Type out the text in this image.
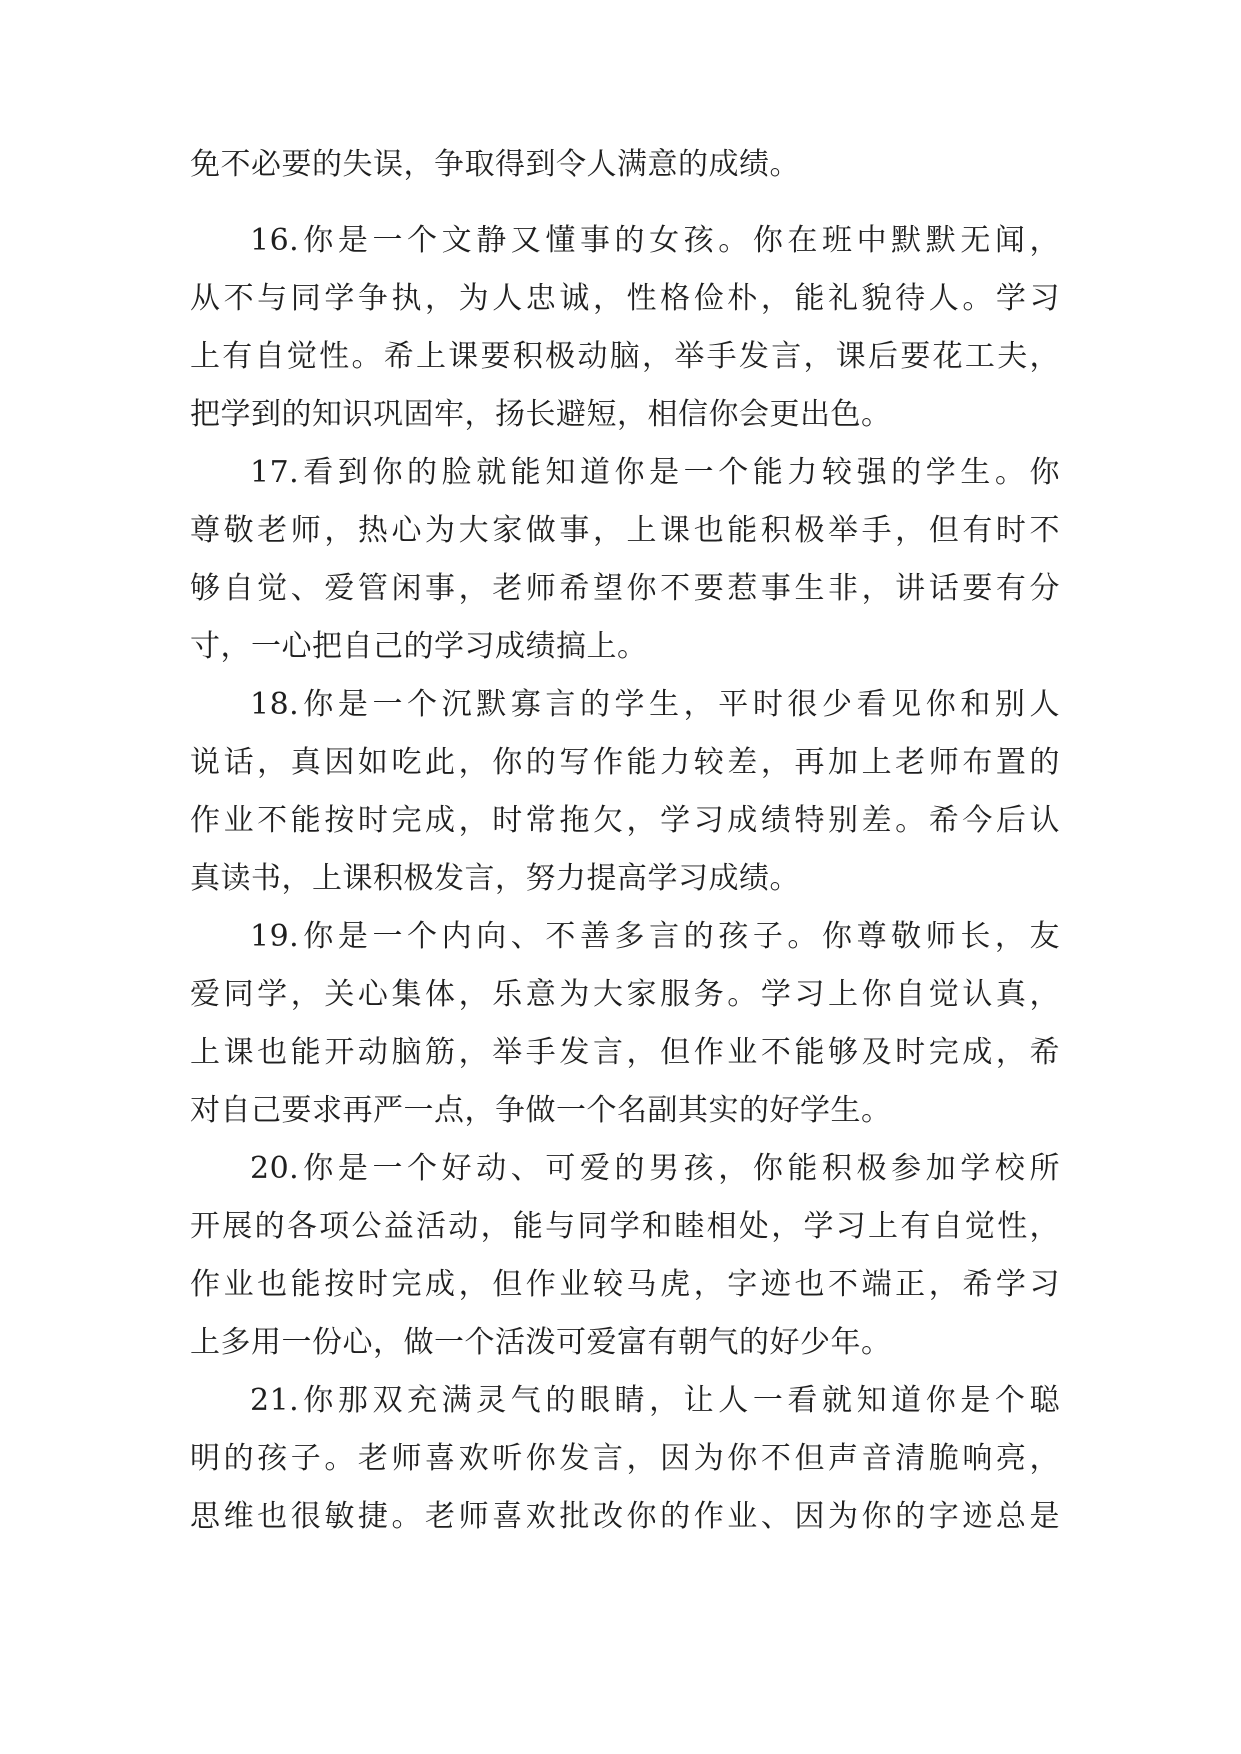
免不必要的失误，争取得到令人满意的成绩。
16.你是一个文静又懂事的女孩。你在班中默默无闻，
从不与同学争执，为人忠诚，性格俭朴，能礼貌待人。学习
上有自觉性。希上课要积极动脑，举手发言，课后要花工夫，
把学到的知识巩固牢，扬长避短，相信你会更出色。
17.看到你的脸就能知道你是一个能力较强的学生。你
尊敬老师，热心为大家做事，上课也能积极举手，但有时不
够自觉、爱管闲事，老师希望你不要惹事生非，讲话要有分
寸，一心把自己的学习成绩搞上。
18.你是一个沉默寡言的学生，平时很少看见你和别人
说话，真因如吃此，你的写作能力较差，再加上老师布置的
作业不能按时完成，时常拖欠，学习成绩特别差。希今后认
真读书，上课积极发言，努力提高学习成绩。
19.你是一个内向、不善多言的孩子。你尊敬师长，友
爱同学，关心集体，乐意为大家服务。学习上你自觉认真，
上课也能开动脑筋，举手发言，但作业不能够及时完成，希
对自己要求再严一点，争做一个名副其实的好学生。
20.你是一个好动、可爱的男孩，你能积极参加学校所
开展的各项公益活动，能与同学和睦相处，学习上有自觉性，
作业也能按时完成，但作业较马虎，字迹也不端正，希学习
上多用一份心，做一个活泼可爱富有朝气的好少年。
21.你那双充满灵气的眼睛，让人一看就知道你是个聪
明的孩子。老师喜欢听你发言，因为你不但声音清脆响亮，
思维也很敏捷。老师喜欢批改你的作业、因为你的字迹总是
